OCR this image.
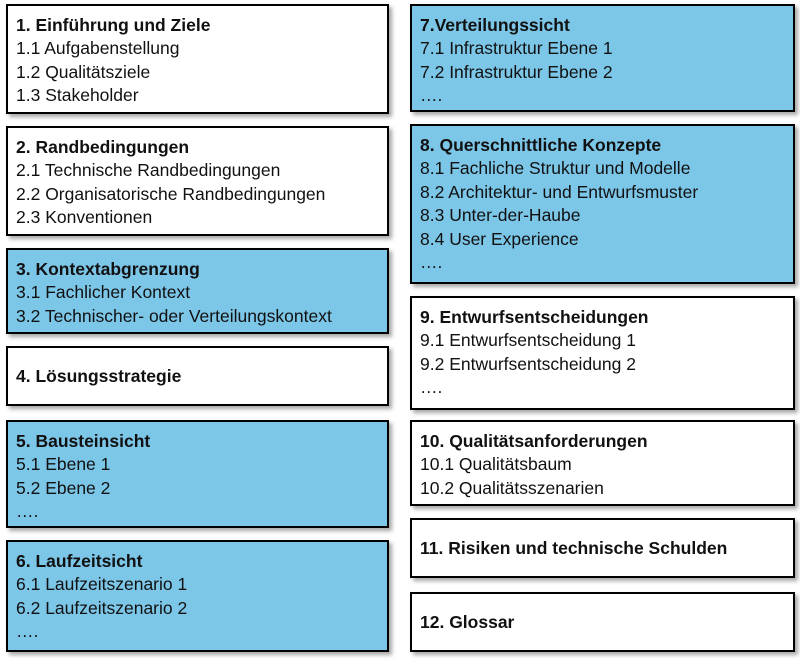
1. Einführung und Ziele
1.1 Aufgabenstellung
1.2 Qualitätsziele
1.3 Stakeholder
2. Randbedingungen
2.1 Technische Randbedingungen
2.2 Organisatorische Randbedingungen
2.3 Konventionen
3. Kontextabgrenzung
3.1 Fachlicher Kontext
3.2 Technischer- oder Verteilungskontext
4. Lösungsstrategie
5. Bausteinsicht
5.1 Ebene 1
5.2 Ebene 2
….
6. Laufzeitsicht
6.1 Laufzeitszenario 1
6.2 Laufzeitszenario 2
….
7.Verteilungssicht
7.1 Infrastruktur Ebene 1
7.2 Infrastruktur Ebene 2
….
8. Querschnittliche Konzepte
8.1 Fachliche Struktur und Modelle
8.2 Architektur- und Entwurfsmuster
8.3 Unter-der-Haube
8.4 User Experience
….
9. Entwurfsentscheidungen
9.1 Entwurfsentscheidung 1
9.2 Entwurfsentscheidung 2
….
10. Qualitätsanforderungen
10.1 Qualitätsbaum
10.2 Qualitätsszenarien
11. Risiken und technische Schulden
12. Glossar
